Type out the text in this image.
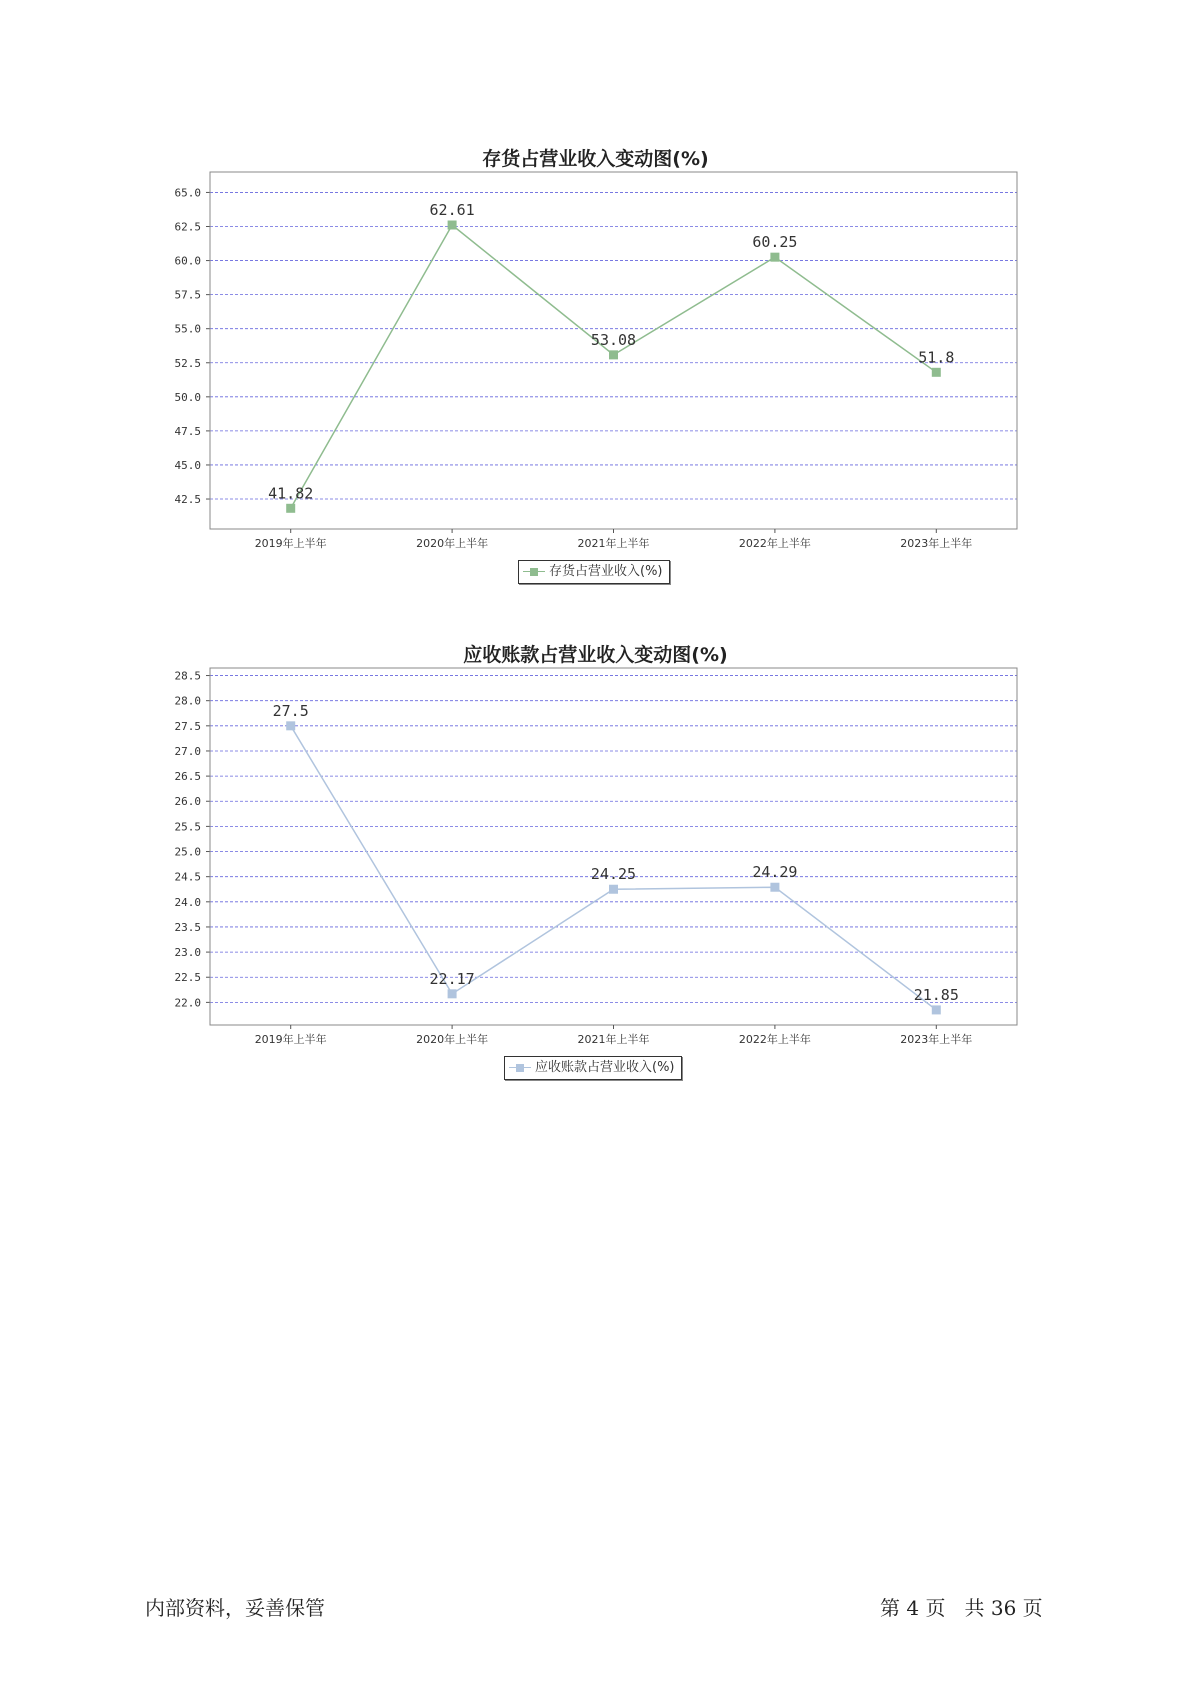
存货占营业收入变动图(%)
42.5
45.0
47.5
50.0
52.5
55.0
57.5
60.0
62.5
65.0
2019年上半年	2020年上半年	2021年上半年	2022年上半年	2023年上半年
41.82
62.61
53.08
60.25
51.8
存货占营业收入(%)
应收账款占营业收入变动图(%)
22.0
22.5
23.0
23.5
24.0
24.5
25.0
25.5
26.0
26.5
27.0
27.5
28.0
28.5
2019年上半年	2020年上半年	2021年上半年	2022年上半年	2023年上半年
27.5
22.17
24.25	24.29
21.85
应收账款占营业收入(%)
内部资料，妥善保管	第 4 页   共 36 页
